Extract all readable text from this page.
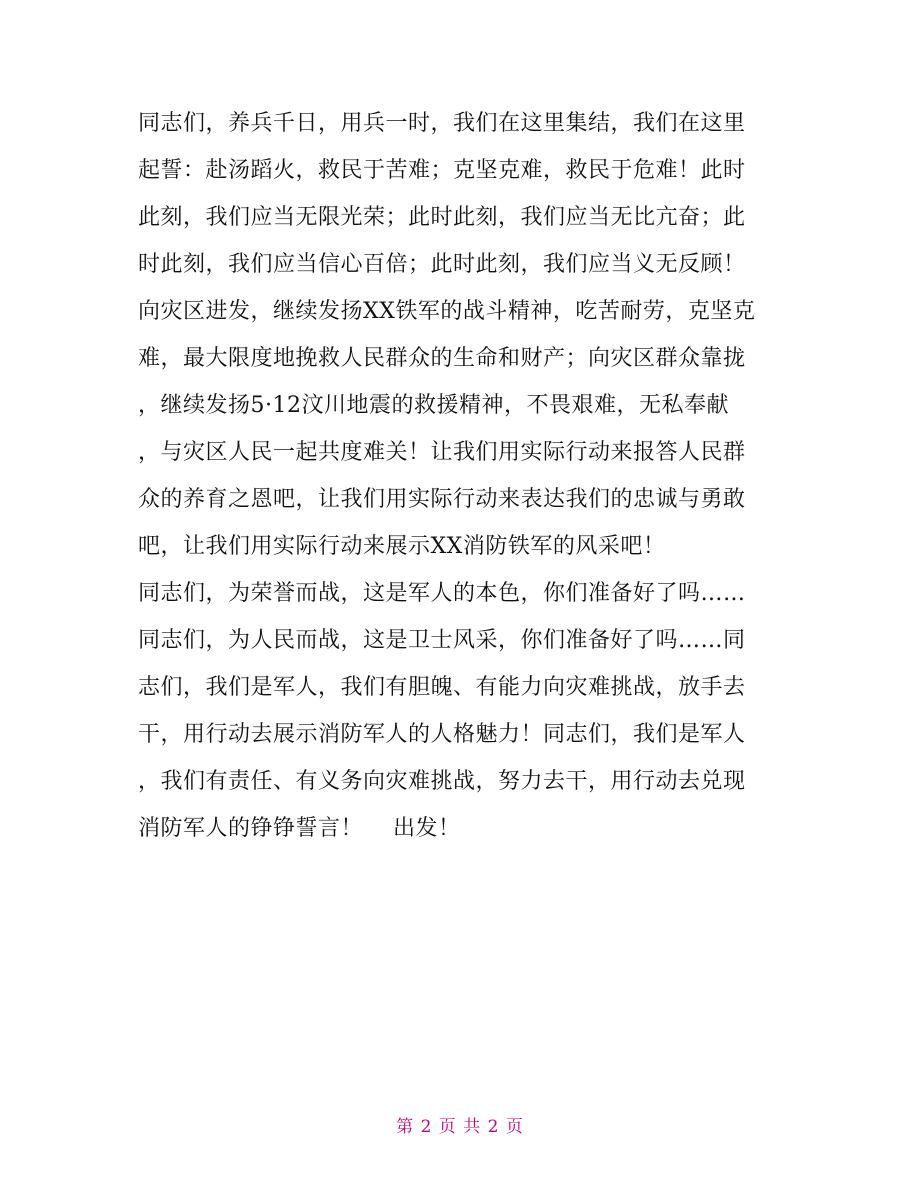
同志们，养兵千日，用兵一时，我们在这里集结，我们在这里
起誓：赴汤蹈火，救民于苦难；克坚克难，救民于危难！此时
此刻，我们应当无限光荣；此时此刻，我们应当无比亢奋；此
时此刻，我们应当信心百倍；此时此刻，我们应当义无反顾！
向灾区进发，继续发扬XX铁军的战斗精神，吃苦耐劳，克坚克
难，最大限度地挽救人民群众的生命和财产；向灾区群众靠拢
，继续发扬5·12汶川地震的救援精神，不畏艰难，无私奉献
，与灾区人民一起共度难关！让我们用实际行动来报答人民群
众的养育之恩吧，让我们用实际行动来表达我们的忠诚与勇敢
吧，让我们用实际行动来展示XX消防铁军的风采吧！
同志们，为荣誉而战，这是军人的本色，你们准备好了吗……
同志们，为人民而战，这是卫士风采，你们准备好了吗……同
志们，我们是军人，我们有胆魄、有能力向灾难挑战，放手去
干，用行动去展示消防军人的人格魅力！同志们，我们是军人
，我们有责任、有义务向灾难挑战，努力去干，用行动去兑现
消防军人的铮铮誓言！    出发！
第 2 页 共 2 页
